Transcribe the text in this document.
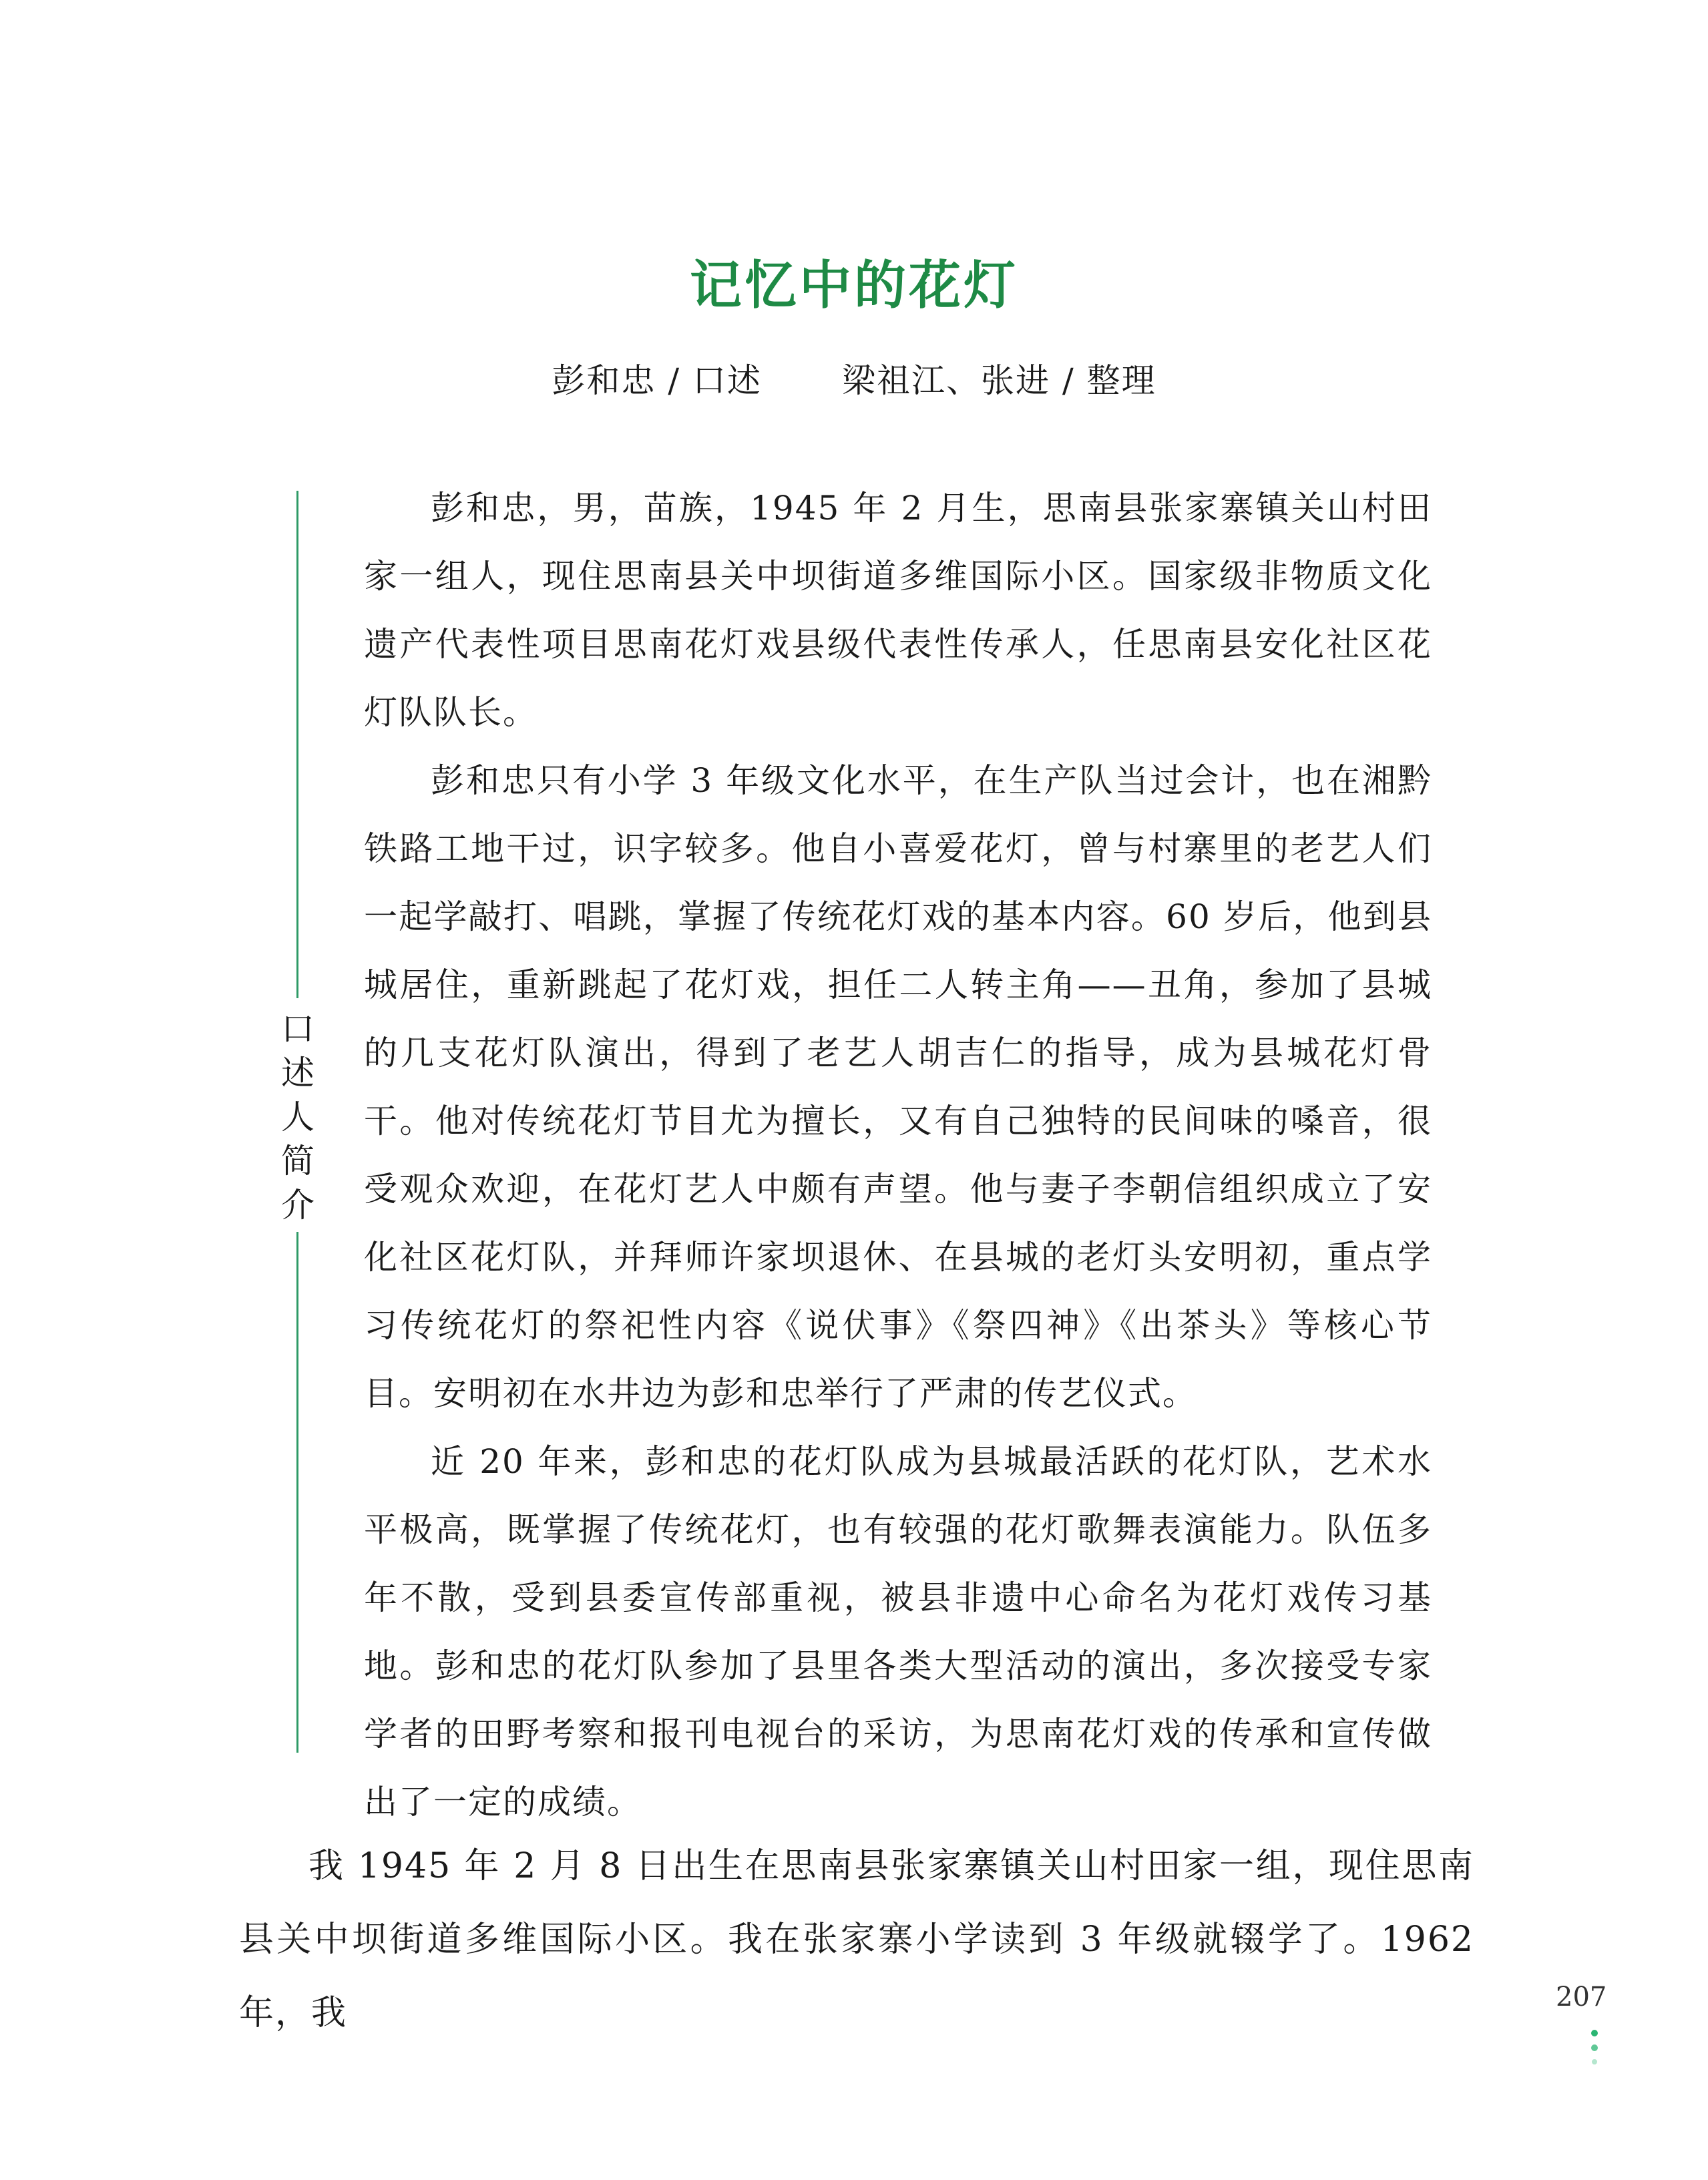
记忆中的花灯
彭和忠 / 口述 梁祖江、张进 / 整理
口
述
人
简
介

彭和忠，男，苗族，1945 年 2 月生，思南县张家寨镇关山村田家一组人，现住思南县关中坝街道多维国际小区。国家级非物质文化遗产代表性项目思南花灯戏县级代表性传承人，任思南县安化社区花灯队队长。

彭和忠只有小学 3 年级文化水平，在生产队当过会计，也在湘黔铁路工地干过，识字较多。他自小喜爱花灯，曾与村寨里的老艺人们一起学敲打、唱跳，掌握了传统花灯戏的基本内容。60 岁后，他到县城居住，重新跳起了花灯戏，担任二人转主角——丑角，参加了县城的几支花灯队演出，得到了老艺人胡吉仁的指导，成为县城花灯骨干。他对传统花灯节目尤为擅长，又有自己独特的民间味的嗓音，很受观众欢迎，在花灯艺人中颇有声望。他与妻子李朝信组织成立了安化社区花灯队，并拜师许家坝退休、在县城的老灯头安明初，重点学习传统花灯的祭祀性内容《说伏事》《祭四神》《出茶头》等核心节目。安明初在水井边为彭和忠举行了严肃的传艺仪式。

近 20 年来，彭和忠的花灯队成为县城最活跃的花灯队，艺术水平极高，既掌握了传统花灯，也有较强的花灯歌舞表演能力。队伍多年不散，受到县委宣传部重视，被县非遗中心命名为花灯戏传习基地。彭和忠的花灯队参加了县里各类大型活动的演出，多次接受专家学者的田野考察和报刊电视台的采访，为思南花灯戏的传承和宣传做出了一定的成绩。

我 1945 年 2 月 8 日出生在思南县张家寨镇关山村田家一组，现住思南县关中坝街道多维国际小区。我在张家寨小学读到 3 年级就辍学了。1962 年，我	207
